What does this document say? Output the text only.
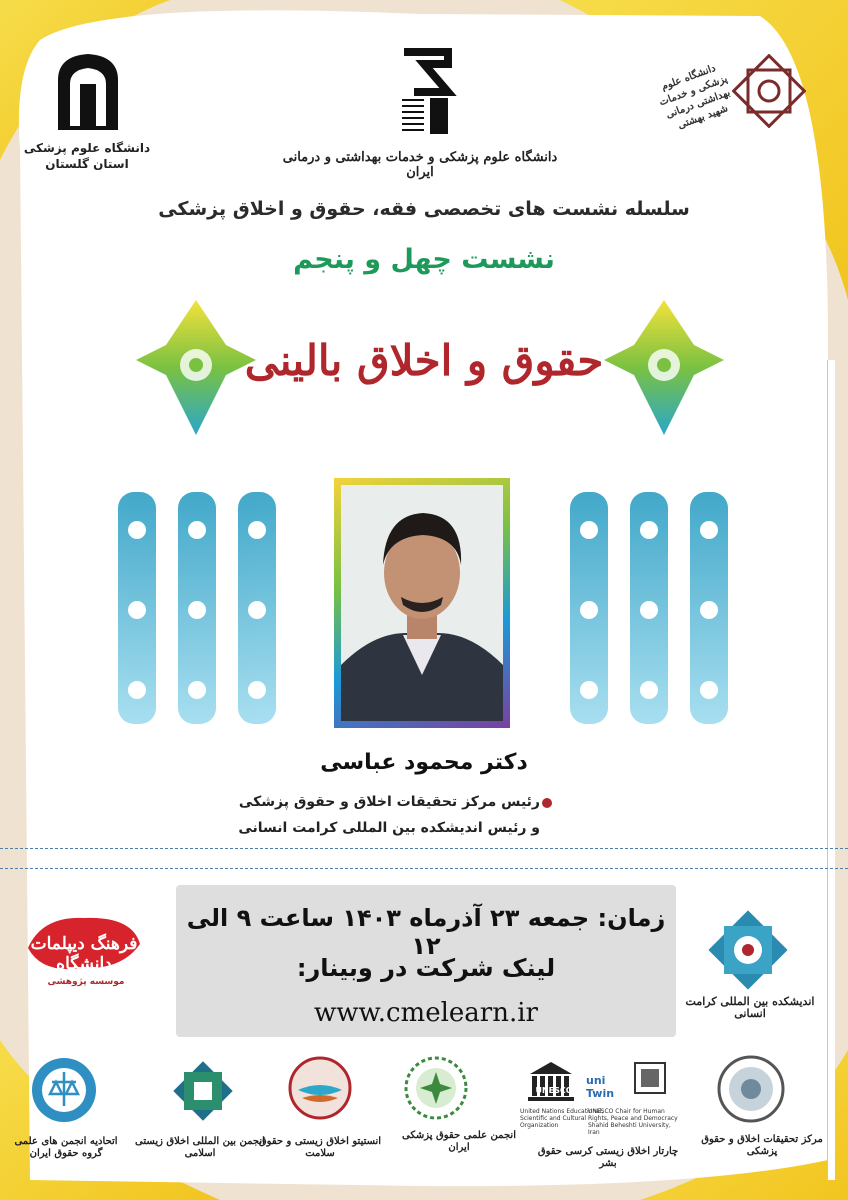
دانشگاه علوم پزشکی استان گلستان	دانشگاه علوم پزشکی و خدمات بهداشتی و درمانی ایران
دانشگاه علوم پزشکی و خدمات بهداشتی درمانی شهید بهشتی
سلسله نشست های تخصصی فقه، حقوق و اخلاق پزشکی
نشست چهل و پنجم
حقوق و اخلاق بالینی
دکتر محمود عباسی
رئیس مرکز تحقیقات اخلاق و حقوق پزشکی
و رئیس اندیشکده بین المللی کرامت انسانی
اندیشکده بین المللی کرامت انسانی
فرهنگ دیپلمات دانشگاه
موسسه پژوهشی
زمان: جمعه ۲۳ آذرماه ۱۴۰۳ ساعت ۹ الی ۱۲
لینک شرکت در وبینار:
www.cmelearn.ir
مرکز تحقیقات اخلاق و حقوق پزشکی
UNESCO
United Nations Educational, Scientific and Cultural Organization
uni Twin
UNESCO Chair for Human Rights, Peace and Democracy Shahid Beheshti University, Iran
چارتار اخلاق زیستی کرسی حقوق بشر
انجمن علمی حقوق پزشکی ایران
انستیتو اخلاق زیستی و حقوق سلامت
انجمن بین المللی اخلاق زیستی اسلامی
اتحادیه انجمن های علمی گروه حقوق ایران
